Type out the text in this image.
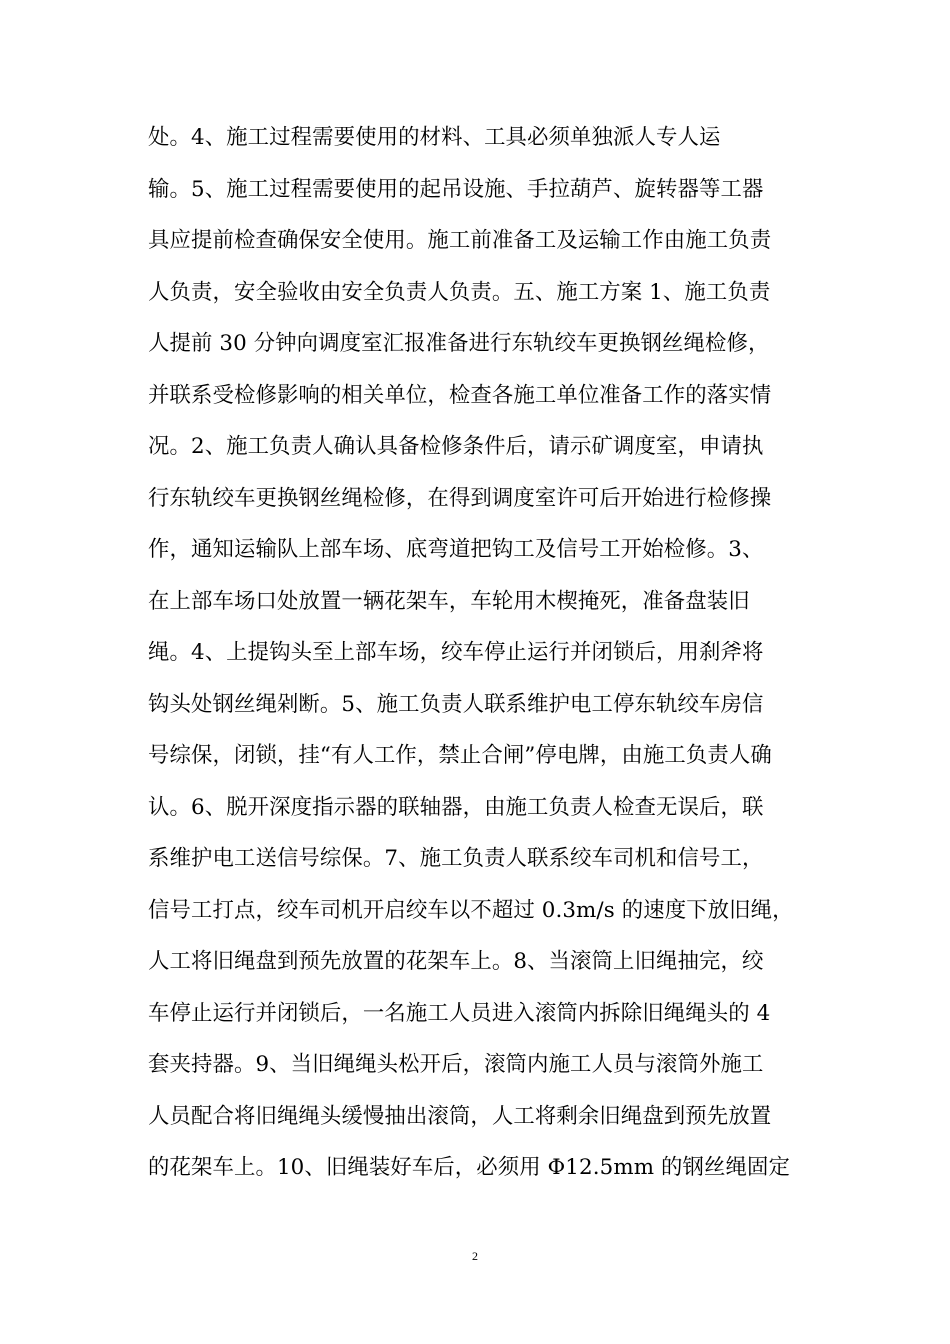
处。4、施工过程需要使用的材料、工具必须单独派人专人运
输。5、施工过程需要使用的起吊设施、手拉葫芦、旋转器等工器
具应提前检查确保安全使用。施工前准备工及运输工作由施工负责
人负责，安全验收由安全负责人负责。五、施工方案 1、施工负责
人提前 30 分钟向调度室汇报准备进行东轨绞车更换钢丝绳检修，
并联系受检修影响的相关单位，检查各施工单位准备工作的落实情
况。2、施工负责人确认具备检修条件后，请示矿调度室，申请执
行东轨绞车更换钢丝绳检修，在得到调度室许可后开始进行检修操
作，通知运输队上部车场、底弯道把钩工及信号工开始检修。3、
在上部车场口处放置一辆花架车，车轮用木楔掩死，准备盘装旧
绳。4、上提钩头至上部车场，绞车停止运行并闭锁后，用刹斧将
钩头处钢丝绳剁断。5、施工负责人联系维护电工停东轨绞车房信
号综保，闭锁，挂“有人工作，禁止合闸”停电牌，由施工负责人确
认。6、脱开深度指示器的联轴器，由施工负责人检查无误后，联
系维护电工送信号综保。7、施工负责人联系绞车司机和信号工，
信号工打点，绞车司机开启绞车以不超过 0.3m/s 的速度下放旧绳，
人工将旧绳盘到预先放置的花架车上。8、当滚筒上旧绳抽完，绞
车停止运行并闭锁后，一名施工人员进入滚筒内拆除旧绳绳头的 4
套夹持器。9、当旧绳绳头松开后，滚筒内施工人员与滚筒外施工
人员配合将旧绳绳头缓慢抽出滚筒，人工将剩余旧绳盘到预先放置
的花架车上。10、旧绳装好车后，必须用 Φ12.5mm 的钢丝绳固定
2
